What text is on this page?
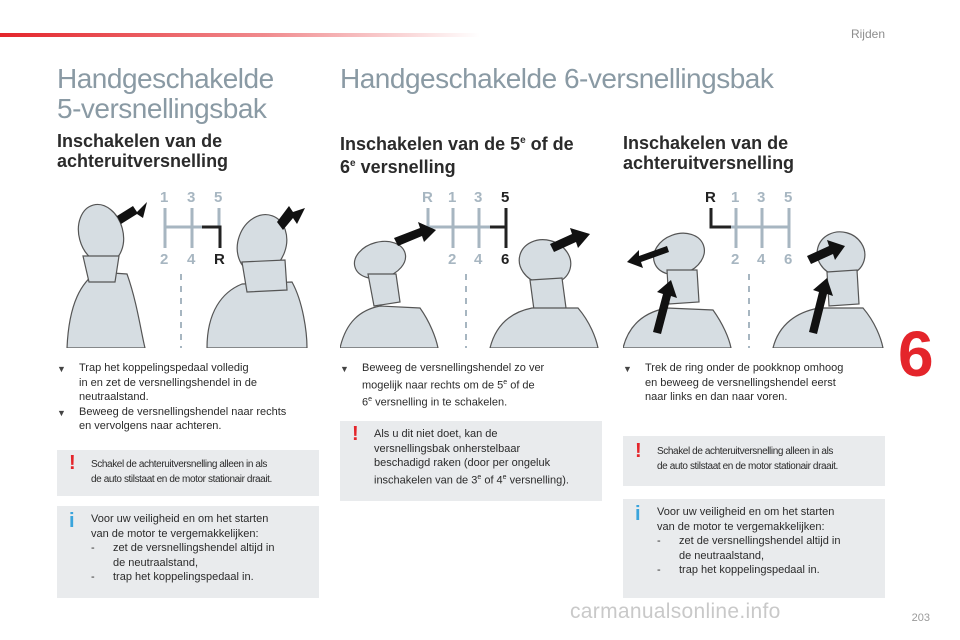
Rijden
6
Handgeschakelde
5-versnellingsbak
Inschakelen van de
achteruitversnelling
1 3 5
2 4 R
▼	Trap het koppelingspedaal volledig
in en zet de versnellingshendel in de
neutraalstand.
▼	Beweeg de versnellingshendel naar rechts
en vervolgens naar achteren.
! Schakel de achteruitversnelling alleen in als
de auto stilstaat en de motor stationair draait.
i Voor uw veiligheid en om het starten
van de motor te vergemakkelijken:
-	zet de versnellingshendel altijd in
de neutraalstand,
-	trap het koppelingspedaal in.
Handgeschakelde 6-versnellingsbak
Inschakelen van de 5e of de
6e versnelling
R 1 3 5
2 4 6
▼	Beweeg de versnellingshendel zo ver
mogelijk naar rechts om de 5e of de
6e versnelling in te schakelen.
! Als u dit niet doet, kan de
versnellingsbak onherstelbaar
beschadigd raken (door per ongeluk
inschakelen van de 3e of 4e versnelling).
Inschakelen van de
achteruitversnelling
R 1 3 5
2 4 6
▼	Trek de ring onder de pookknop omhoog
en beweeg de versnellingshendel eerst
naar links en dan naar voren.
! Schakel de achteruitversnelling alleen in als
de auto stilstaat en de motor stationair draait.
i Voor uw veiligheid en om het starten
van de motor te vergemakkelijken:
-	zet de versnellingshendel altijd in
de neutraalstand,
-	trap het koppelingspedaal in.
carmanualsonline.info	203
